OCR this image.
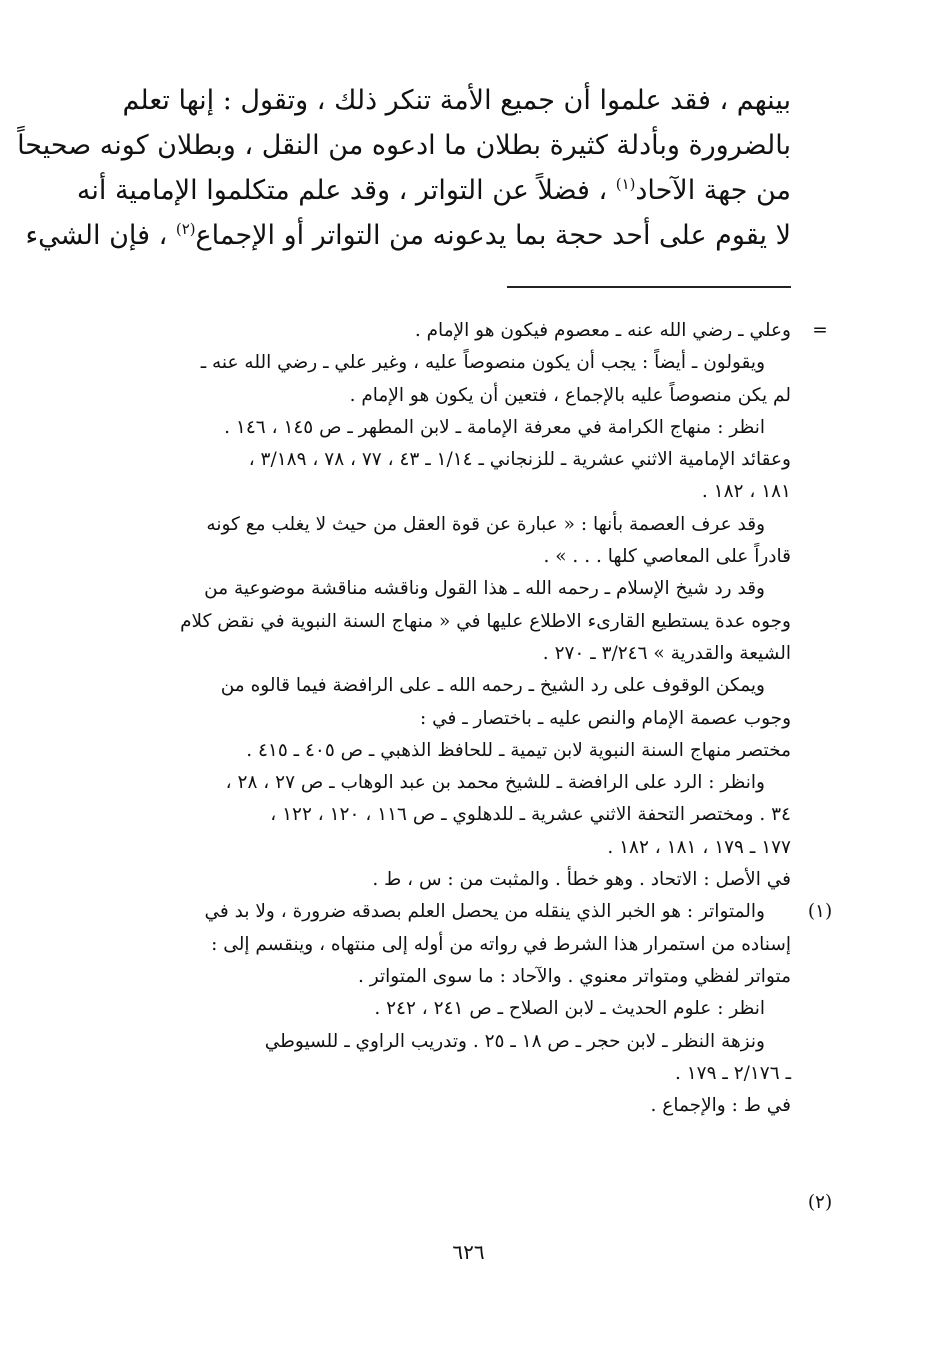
بينهم ، فقد علموا أن جميع الأمة تنكر ذلك ، وتقول : إنها تعلم

بالضرورة وبأدلة كثيرة بطلان ما ادعوه من النقل ، وبطلان كونه صحيحاً

من جهة الآحاد$^{(١)}$ ، فضلاً عن التواتر ، وقد علم متكلموا الإمامية أنه

لا يقوم على أحد حجة بما يدعونه من التواتر أو الإجماع$^{(٢)}$ ، فإن الشيء

=
(١)
(٢)

وعلي ـ رضي الله عنه ـ معصوم فيكون هو الإمام .

ويقولون ـ أيضاً : يجب أن يكون منصوصاً عليه ، وغير علي ـ رضي الله عنه ـ

لم يكن منصوصاً عليه بالإجماع ، فتعين أن يكون هو الإمام .

انظر : منهاج الكرامة في معرفة الإمامة ـ لابن المطهر ـ ص ١٤٥ ، ١٤٦ .

وعقائد الإمامية الاثني عشرية ـ للزنجاني ـ ١/١٤ ـ ٤٣ ، ٧٧ ، ٧٨ ، ٣/١٨٩ ،

١٨١ ، ١٨٢ .

وقد عرف العصمة بأنها : « عبارة عن قوة العقل من حيث لا يغلب مع كونه

قادراً على المعاصي كلها . . . » .

وقد رد شيخ الإسلام ـ رحمه الله ـ هذا القول وناقشه مناقشة موضوعية من

وجوه عدة يستطيع القارىء الاطلاع عليها في « منهاج السنة النبوية في نقض كلام

الشيعة والقدرية » ٣/٢٤٦ ـ ٢٧٠ .

ويمكن الوقوف على رد الشيخ ـ رحمه الله ـ على الرافضة فيما قالوه من

وجوب عصمة الإمام والنص عليه ـ باختصار ـ في :

مختصر منهاج السنة النبوية لابن تيمية ـ للحافظ الذهبي ـ ص ٤٠٥ ـ ٤١٥ .

وانظر : الرد على الرافضة ـ للشيخ محمد بن عبد الوهاب ـ ص ٢٧ ، ٢٨ ،

٣٤ . ومختصر التحفة الاثني عشرية ـ للدهلوي ـ ص ١١٦ ، ١٢٠ ، ١٢٢ ،

١٧٧ ـ ١٧٩ ، ١٨١ ، ١٨٢ .

في الأصل : الاتحاد . وهو خطأ . والمثبت من : س ، ط .

والمتواتر : هو الخبر الذي ينقله من يحصل العلم بصدقه ضرورة ، ولا بد في

إسناده من استمرار هذا الشرط في رواته من أوله إلى منتهاه ، وينقسم إلى :

متواتر لفظي ومتواتر معنوي . والآحاد : ما سوى المتواتر .

انظر : علوم الحديث ـ لابن الصلاح ـ ص ٢٤١ ، ٢٤٢ .

ونزهة النظر ـ لابن حجر ـ ص ١٨ ـ ٢٥ . وتدريب الراوي ـ للسيوطي

ـ ٢/١٧٦ ـ ١٧٩ .

في ط : والإجماع .

٦٢٦
